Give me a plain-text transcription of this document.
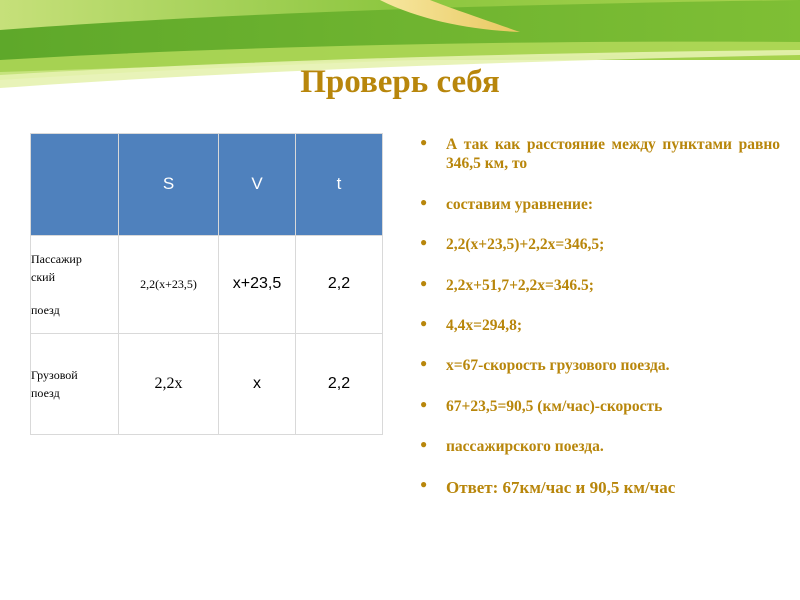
Проверь себя
	S	V	t

Пассажир
ский
поезд	2,2(x+23,5)	x+23,5	2,2

Грузовой
поезд	2,2x	x	2,2
● А так как расстояние между пунктами равно 346,5 км, то
● составим уравнение:
● 2,2(x+23,5)+2,2x=346,5;
● 2,2x+51,7+2,2x=346.5;
● 4,4x=294,8;
● x=67-скорость грузового поезда.
● 67+23,5=90,5 (км/час)-скорость
● пассажирского поезда.
● Ответ: 67км/час и 90,5 км/час
